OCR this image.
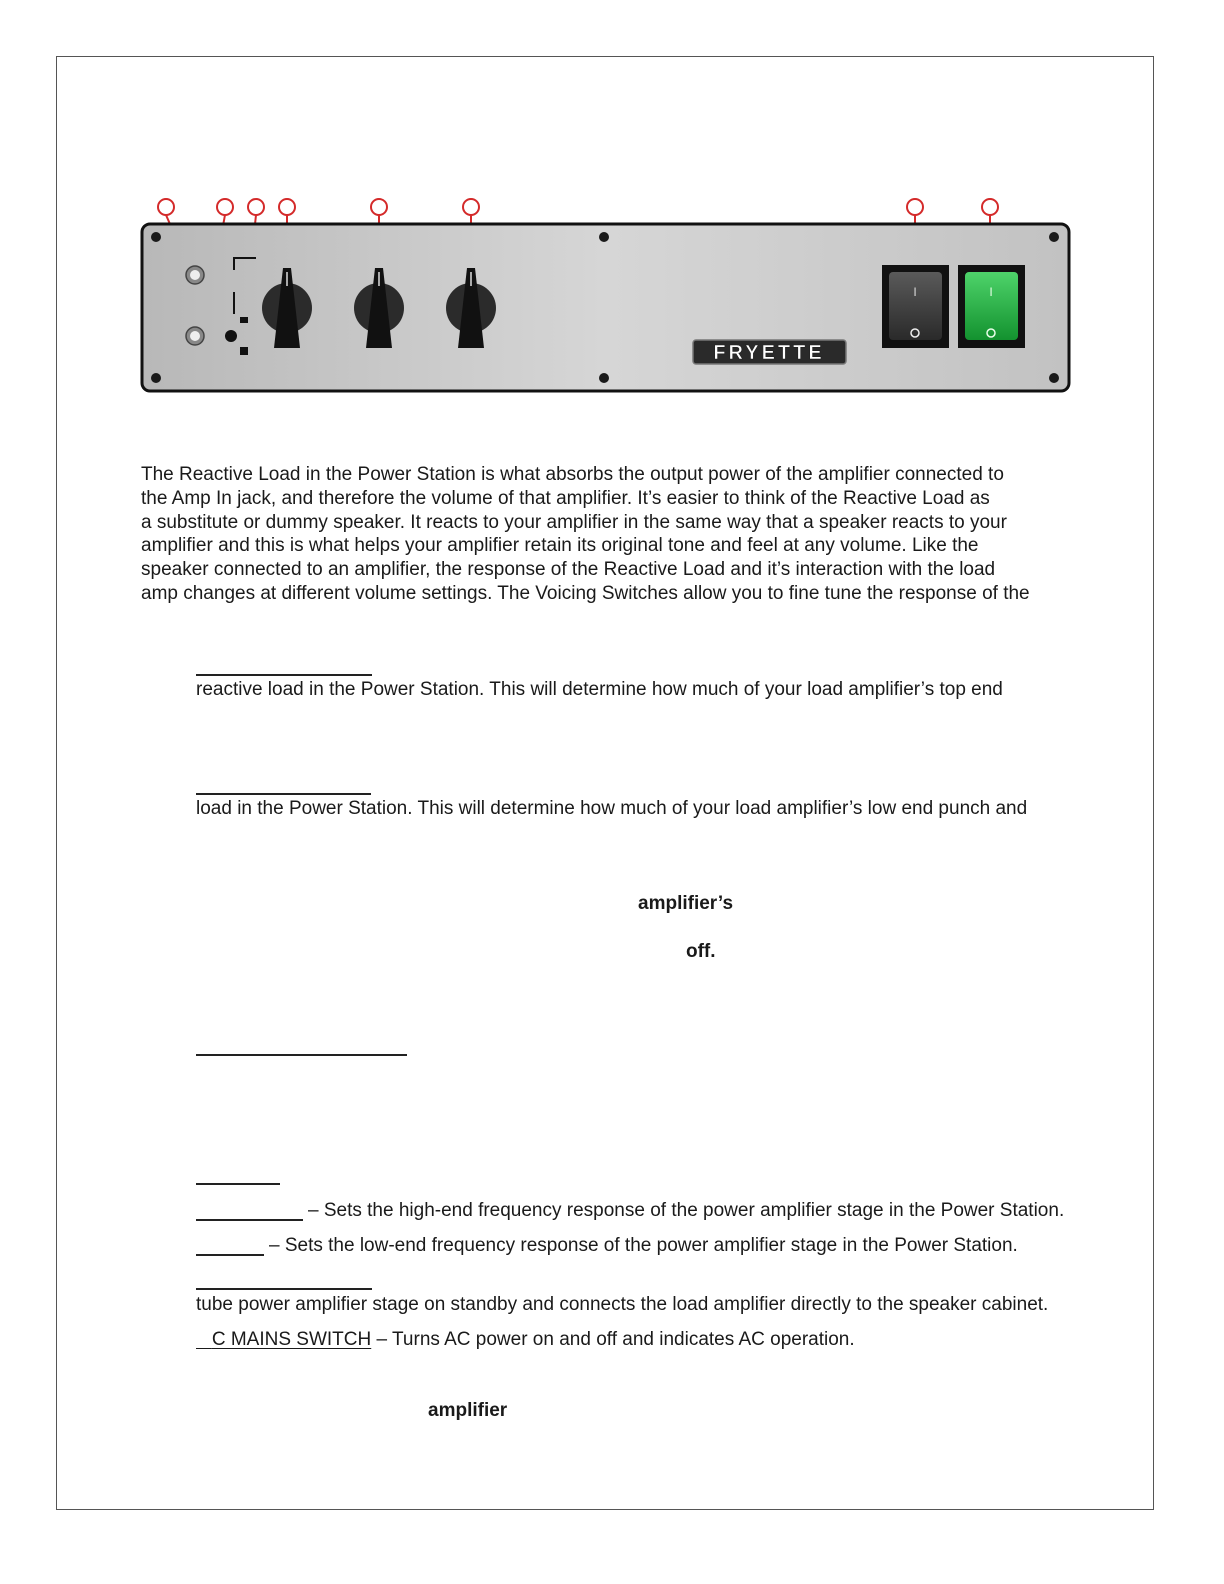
FRYETTE
I	I

The Reactive Load in the Power Station is what absorbs the output power of the amplifier connected to
the Amp In jack, and therefore the volume of that amplifier. It’s easier to think of the Reactive Load as
a substitute or dummy speaker. It reacts to your amplifier in the same way that a speaker reacts to your
amplifier and this is what helps your amplifier retain its original tone and feel at any volume. Like the
speaker connected to an amplifier, the response of the Reactive Load and it’s interaction with the load
amp changes at different volume settings. The Voicing Switches allow you to fine tune the response of the

reactive load in the Power Station. This will determine how much of your load amplifier’s top end
load in the Power Station. This will determine how much of your load amplifier’s low end punch and
amplifier’s
off.
– Sets the high-end frequency response of the power amplifier stage in the Power Station.
– Sets the low-end frequency response of the power amplifier stage in the Power Station.
tube power amplifier stage on standby and connects the load amplifier directly to the speaker cabinet.
C MAINS SWITCH – Turns AC power on and off and indicates AC operation.
amplifier
